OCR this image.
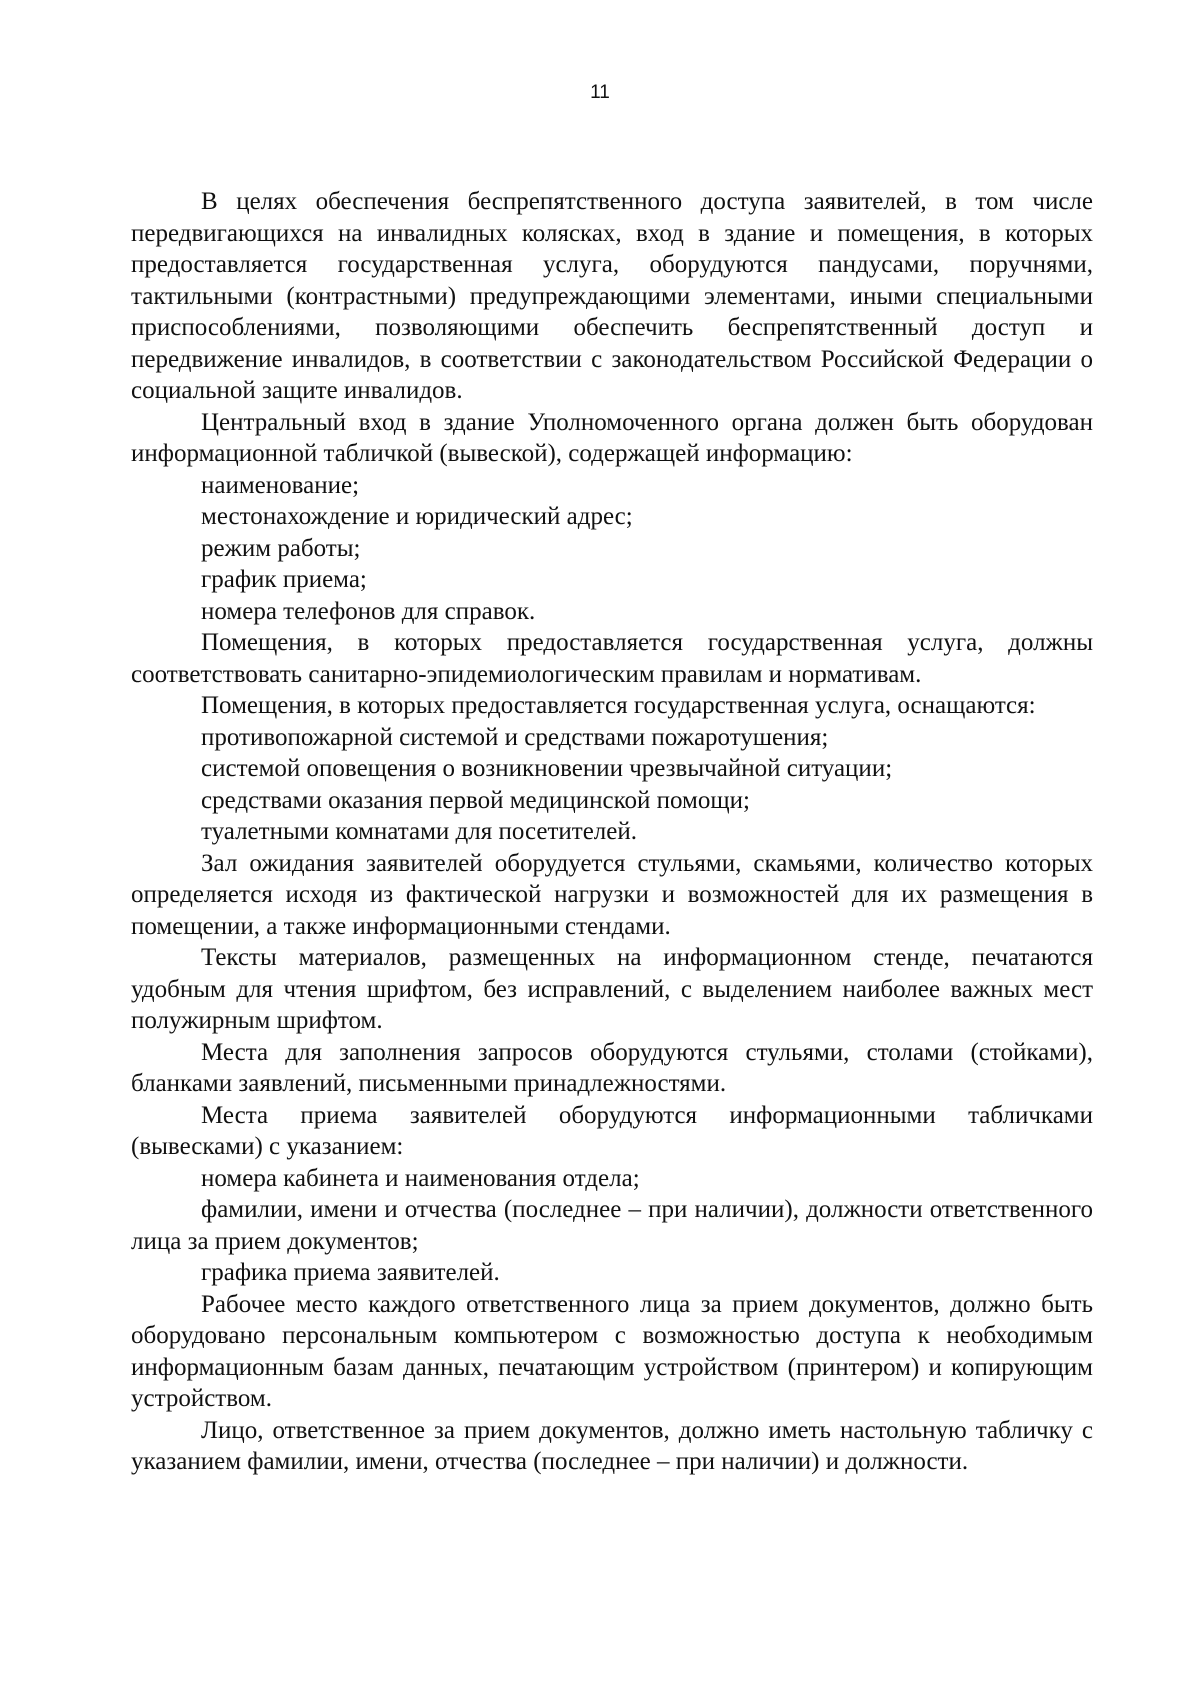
11

В целях обеспечения беспрепятственного доступа заявителей, в том числе передвигающихся на инвалидных колясках, вход в здание и помещения, в которых предоставляется государственная услуга, оборудуются пандусами, поручнями, тактильными (контрастными) предупреждающими элементами, иными специальными приспособлениями, позволяющими обеспечить беспрепятственный доступ и передвижение инвалидов, в соответствии с законодательством Российской Федерации о социальной защите инвалидов.

Центральный вход в здание Уполномоченного органа должен быть оборудован информационной табличкой (вывеской), содержащей информацию:

наименование;

местонахождение и юридический адрес;

режим работы;

график приема;

номера телефонов для справок.

Помещения, в которых предоставляется государственная услуга, должны соответствовать санитарно-эпидемиологическим правилам и нормативам.

Помещения, в которых предоставляется государственная услуга, оснащаются:

противопожарной системой и средствами пожаротушения;

системой оповещения о возникновении чрезвычайной ситуации;

средствами оказания первой медицинской помощи;

туалетными комнатами для посетителей.

Зал ожидания заявителей оборудуется стульями, скамьями, количество которых определяется исходя из фактической нагрузки и возможностей для их размещения в помещении, а также информационными стендами.

Тексты материалов, размещенных на информационном стенде, печатаются удобным для чтения шрифтом, без исправлений, с выделением наиболее важных мест полужирным шрифтом.

Места для заполнения запросов оборудуются стульями, столами (стойками), бланками заявлений, письменными принадлежностями.

Места приема заявителей оборудуются информационными табличками (вывесками) с указанием:

номера кабинета и наименования отдела;

фамилии, имени и отчества (последнее – при наличии), должности ответственного лица за прием документов;

графика приема заявителей.

Рабочее место каждого ответственного лица за прием документов, должно быть оборудовано персональным компьютером с возможностью доступа к необходимым информационным базам данных, печатающим устройством (принтером) и копирующим устройством.

Лицо, ответственное за прием документов, должно иметь настольную табличку с указанием фамилии, имени, отчества (последнее – при наличии) и должности.
